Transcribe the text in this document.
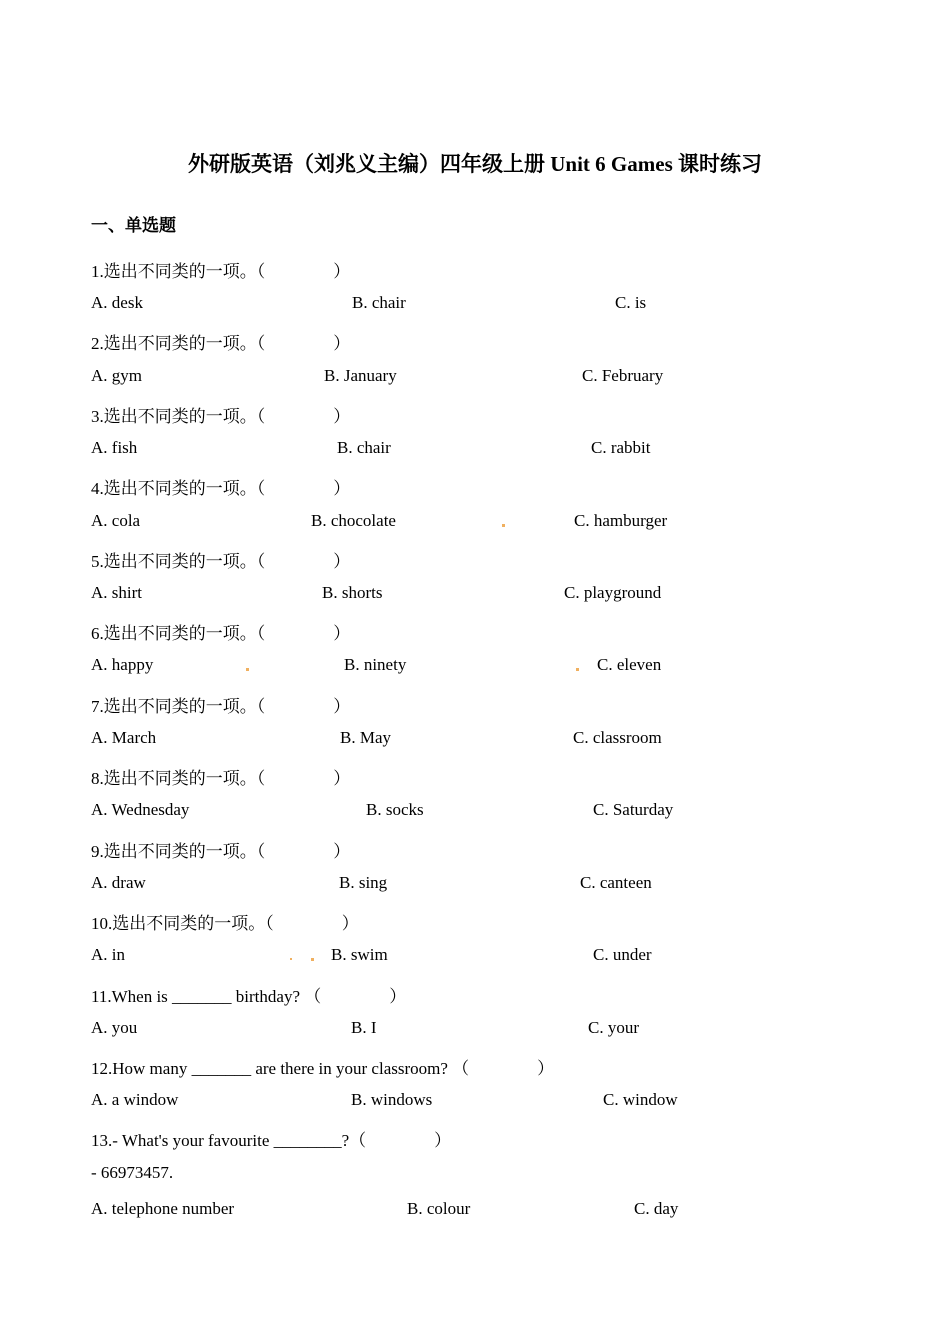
外研版英语（刘兆义主编）四年级上册 Unit 6 Games 课时练习
一、单选题
1.选出不同类的一项。（　　　　）
A. desk	B. chair	C. is
2.选出不同类的一项。（　　　　）
A. gym	B. January	C. February
3.选出不同类的一项。（　　　　）
A. fish	B. chair	C. rabbit
4.选出不同类的一项。（　　　　）
A. cola	B. chocolate	C. hamburger
5.选出不同类的一项。（　　　　）
A. shirt	B. shorts	C. playground
6.选出不同类的一项。（　　　　）
A. happy	B. ninety	C. eleven
7.选出不同类的一项。（　　　　）
A. March	B. May	C. classroom
8.选出不同类的一项。（　　　　）
A. Wednesday	B. socks	C. Saturday
9.选出不同类的一项。（　　　　）
A. draw	B. sing	C. canteen
10.选出不同类的一项。（　　　　）
A. in	B. swim	C. under
11.When is _______ birthday? （　　　　）
A. you	B. I	C. your
12.How many _______ are there in your classroom? （　　　　）
A. a window	B. windows	C. window
13.- What's your favourite ________?（　　　　）
- 66973457.
A. telephone number	B. colour	C. day
